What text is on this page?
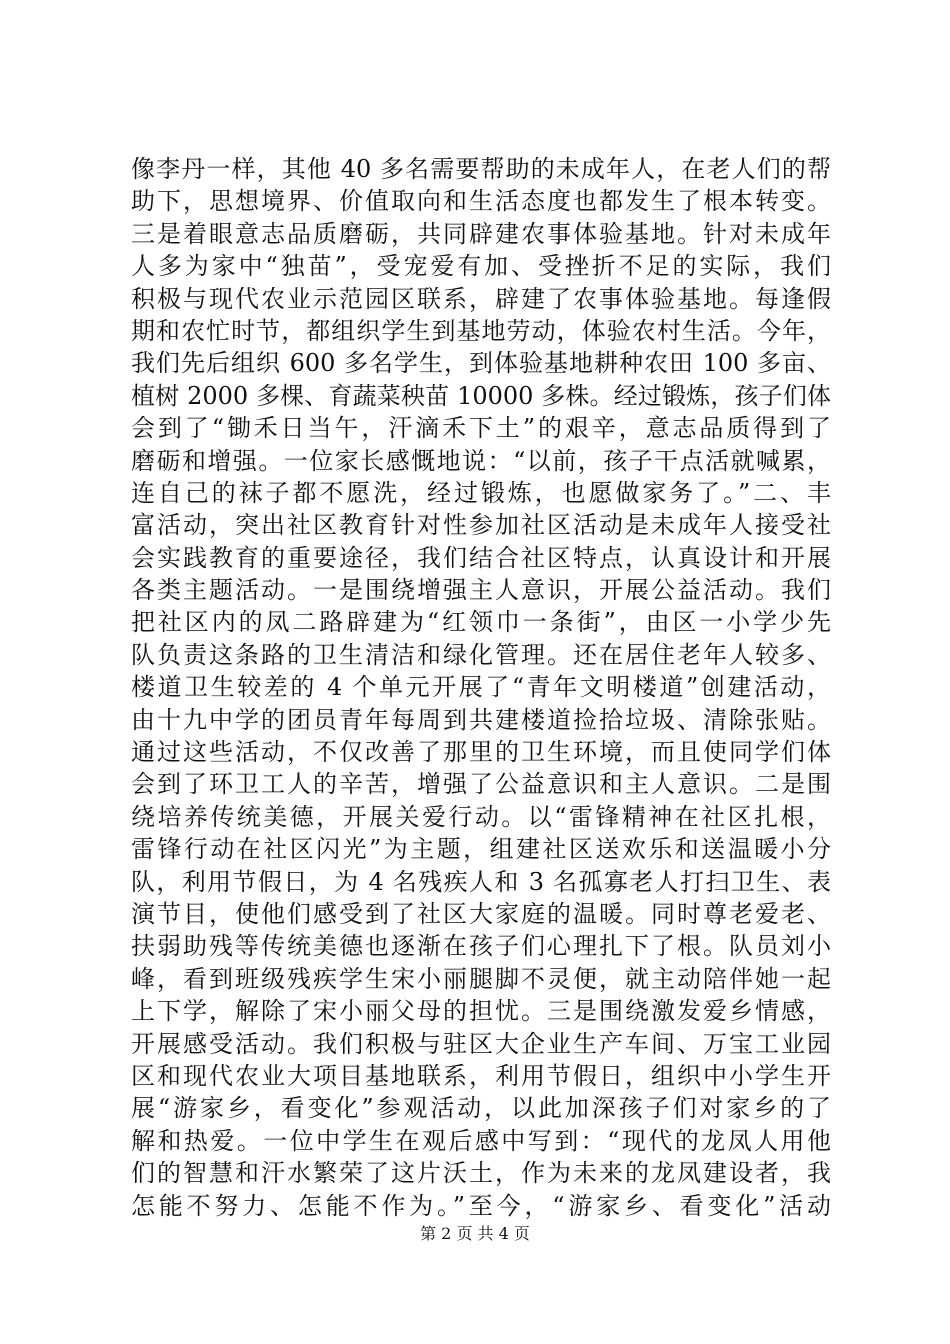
像李丹一样，其他 40 多名需要帮助的未成年人，在老人们的帮
助下，思想境界、价值取向和生活态度也都发生了根本转变。
三是着眼意志品质磨砺，共同辟建农事体验基地。针对未成年
人多为家中“独苗”，受宠爱有加、受挫折不足的实际，我们
积极与现代农业示范园区联系，辟建了农事体验基地。每逢假
期和农忙时节，都组织学生到基地劳动，体验农村生活。今年，
我们先后组织 600 多名学生，到体验基地耕种农田 100 多亩、
植树 2000 多棵、育蔬菜秧苗 10000 多株。经过锻炼，孩子们体
会到了“锄禾日当午，汗滴禾下土”的艰辛，意志品质得到了
磨砺和增强。一位家长感慨地说：“以前，孩子干点活就喊累，
连自己的袜子都不愿洗，经过锻炼，也愿做家务了。”二、丰
富活动，突出社区教育针对性参加社区活动是未成年人接受社
会实践教育的重要途径，我们结合社区特点，认真设计和开展
各类主题活动。一是围绕增强主人意识，开展公益活动。我们
把社区内的凤二路辟建为“红领巾一条街”，由区一小学少先
队负责这条路的卫生清洁和绿化管理。还在居住老年人较多、
楼道卫生较差的 4 个单元开展了“青年文明楼道”创建活动，
由十九中学的团员青年每周到共建楼道捡拾垃圾、清除张贴。
通过这些活动，不仅改善了那里的卫生环境，而且使同学们体
会到了环卫工人的辛苦，增强了公益意识和主人意识。二是围
绕培养传统美德，开展关爱行动。以“雷锋精神在社区扎根，
雷锋行动在社区闪光”为主题，组建社区送欢乐和送温暖小分
队，利用节假日，为 4 名残疾人和 3 名孤寡老人打扫卫生、表
演节目，使他们感受到了社区大家庭的温暖。同时尊老爱老、
扶弱助残等传统美德也逐渐在孩子们心理扎下了根。队员刘小
峰，看到班级残疾学生宋小丽腿脚不灵便，就主动陪伴她一起
上下学，解除了宋小丽父母的担忧。三是围绕激发爱乡情感，
开展感受活动。我们积极与驻区大企业生产车间、万宝工业园
区和现代农业大项目基地联系，利用节假日，组织中小学生开
展“游家乡，看变化”参观活动，以此加深孩子们对家乡的了
解和热爱。一位中学生在观后感中写到：“现代的龙凤人用他
们的智慧和汗水繁荣了这片沃土，作为未来的龙凤建设者，我
怎能不努力、怎能不作为。”至今，“游家乡、看变化”活动
第 2 页 共 4 页
